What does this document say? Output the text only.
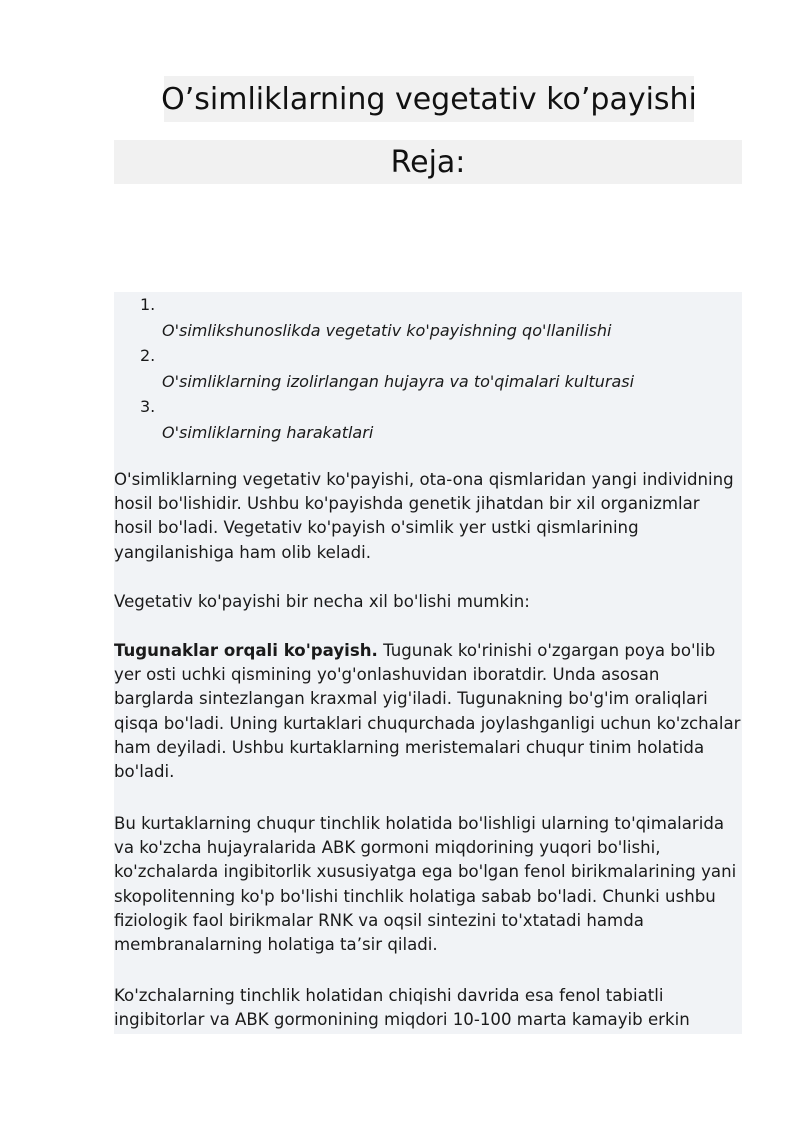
O’simliklarning vegetativ ko’payishi
Reja:
1.
O'simlikshunoslikda vegetativ ko'payishning qo'llanilishi
2.
O'simliklarning izolirlangan hujayra va to'qimalari kulturasi
3.
O'simliklarning harakatlari

O'simliklarning vegetativ ko'payishi, ota-ona qismlaridan yangi individning hosil bo'lishidir. Ushbu ko'payishda genetik jihatdan bir xil organizmlar hosil bo'ladi. Vegetativ ko'payish o'simlik yer ustki qismlarining yangilanishiga ham olib keladi.

Vegetativ ko'payishi bir necha xil bo'lishi mumkin:

Tugunaklar orqali ko'payish. Tugunak ko'rinishi o'zgargan poya bo'lib yer osti uchki qismining yo'g'onlashuvidan iboratdir. Unda asosan barglarda sintezlangan kraxmal yig'iladi. Tugunakning bo'g'im oraliqlari qisqa bo'ladi. Uning kurtaklari chuqurchada joylashganligi uchun ko'zchalar ham deyiladi. Ushbu kurtaklarning meristemalari chuqur tinim holatida bo'ladi.

Bu kurtaklarning chuqur tinchlik holatida bo'lishligi ularning to'qimalarida va ko'zcha hujayralarida ABK gormoni miqdorining yuqori bo'lishi, ko'zchalarda ingibitorlik xususiyatga ega bo'lgan fenol birikmalarining yani skopolitenning ko'p bo'lishi tinchlik holatiga sabab bo'ladi. Chunki ushbu fiziologik faol birikmalar RNK va oqsil sintezini to'xtatadi hamda membranalarning holatiga ta’sir qiladi.

Ko'zchalarning tinchlik holatidan chiqishi davrida esa fenol tabiatli ingibitorlar va ABK gormonining miqdori 10-100 marta kamayib erkin
